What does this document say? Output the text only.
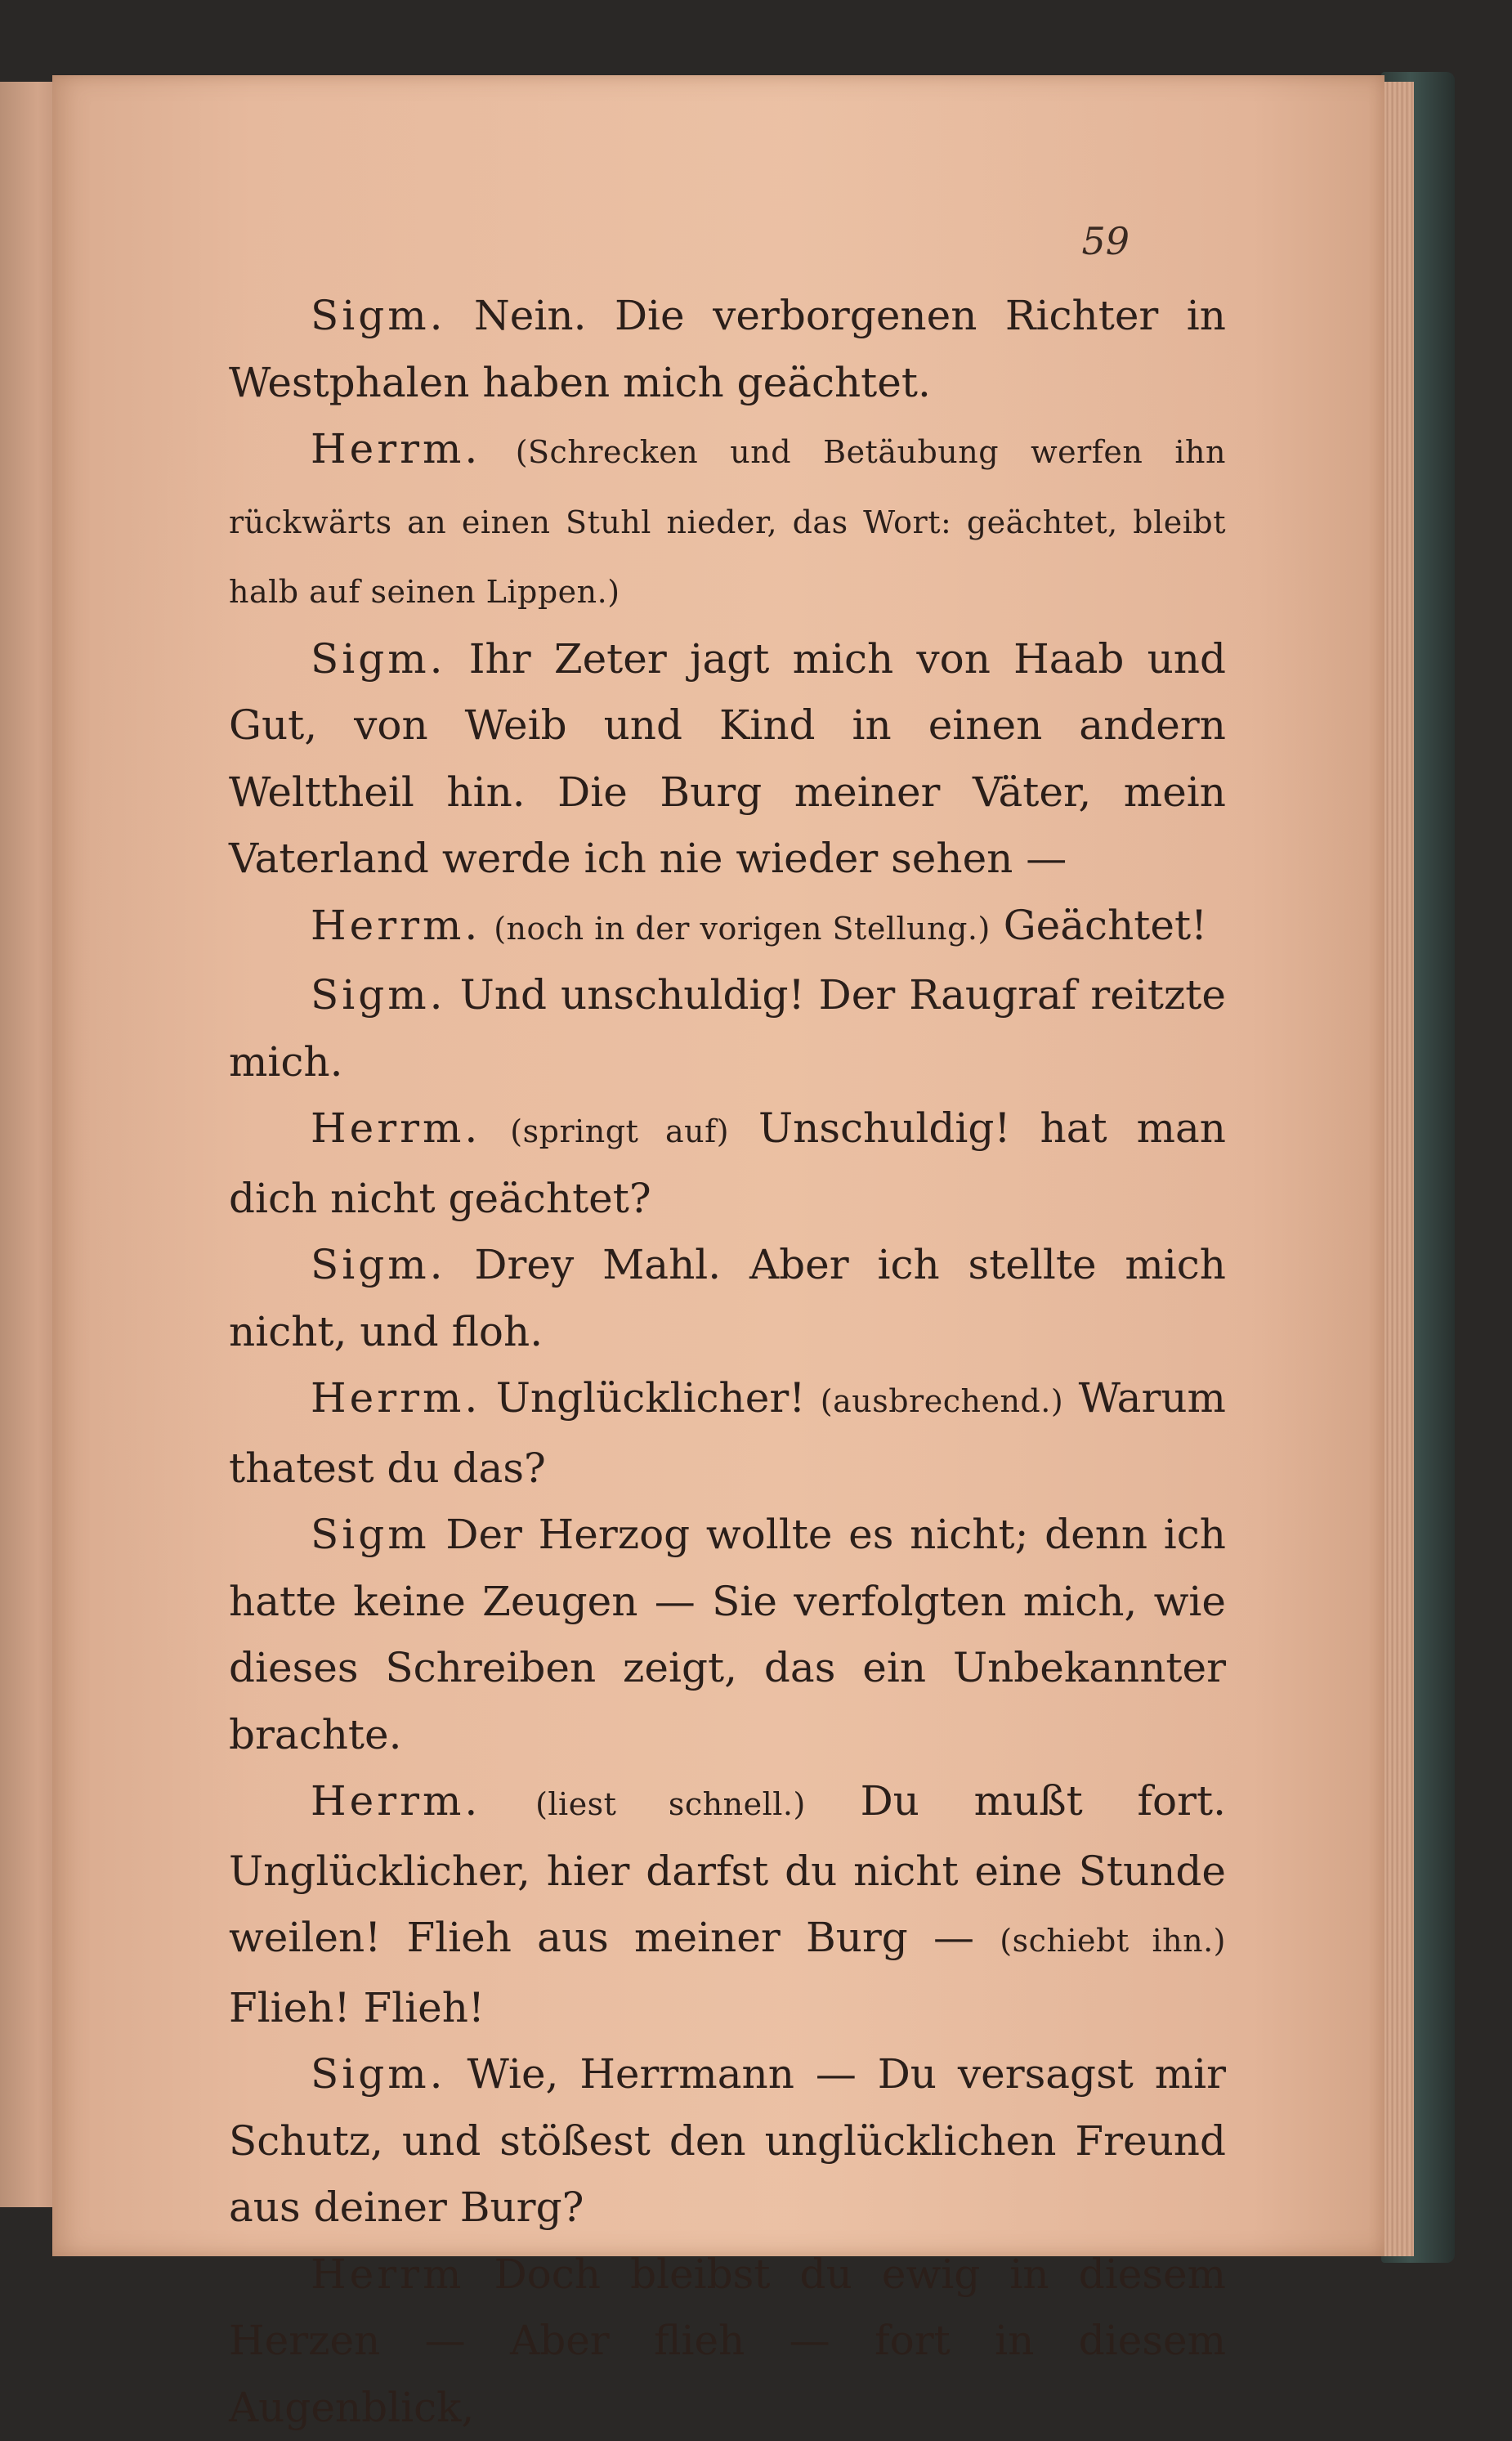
59

Sigm. Nein. Die verborgenen Richter in Westphalen haben mich geächtet.

Herrm. (Schrecken und Betäubung werfen ihn rückwärts an einen Stuhl nieder, das Wort: geächtet, bleibt halb auf seinen Lippen.)

Sigm. Ihr Zeter jagt mich von Haab und Gut, von Weib und Kind in einen andern Welttheil hin. Die Burg meiner Väter, mein Vaterland werde ich nie wieder sehen —

Herrm. (noch in der vorigen Stellung.) Geächtet!

Sigm. Und unschuldig! Der Raugraf reitzte mich.

Herrm. (springt auf) Unschuldig! hat man dich nicht geächtet?

Sigm. Drey Mahl. Aber ich stellte mich nicht, und floh.

Herrm. Unglücklicher! (ausbrechend.) Warum thatest du das?

Sigm Der Herzog wollte es nicht; denn ich hatte keine Zeugen — Sie verfolgten mich, wie dieses Schreiben zeigt, das ein Unbekannter brachte.

Herrm. (liest schnell.) Du mußt fort. Unglücklicher, hier darfst du nicht eine Stunde weilen! Flieh aus meiner Burg — (schiebt ihn.) Flieh! Flieh!

Sigm. Wie, Herrmann — Du versagst mir Schutz, und stößest den unglücklichen Freund aus deiner Burg?

Herrm Doch bleibst du ewig in diesem Herzen — Aber flieh — fort in diesem Augenblick,
